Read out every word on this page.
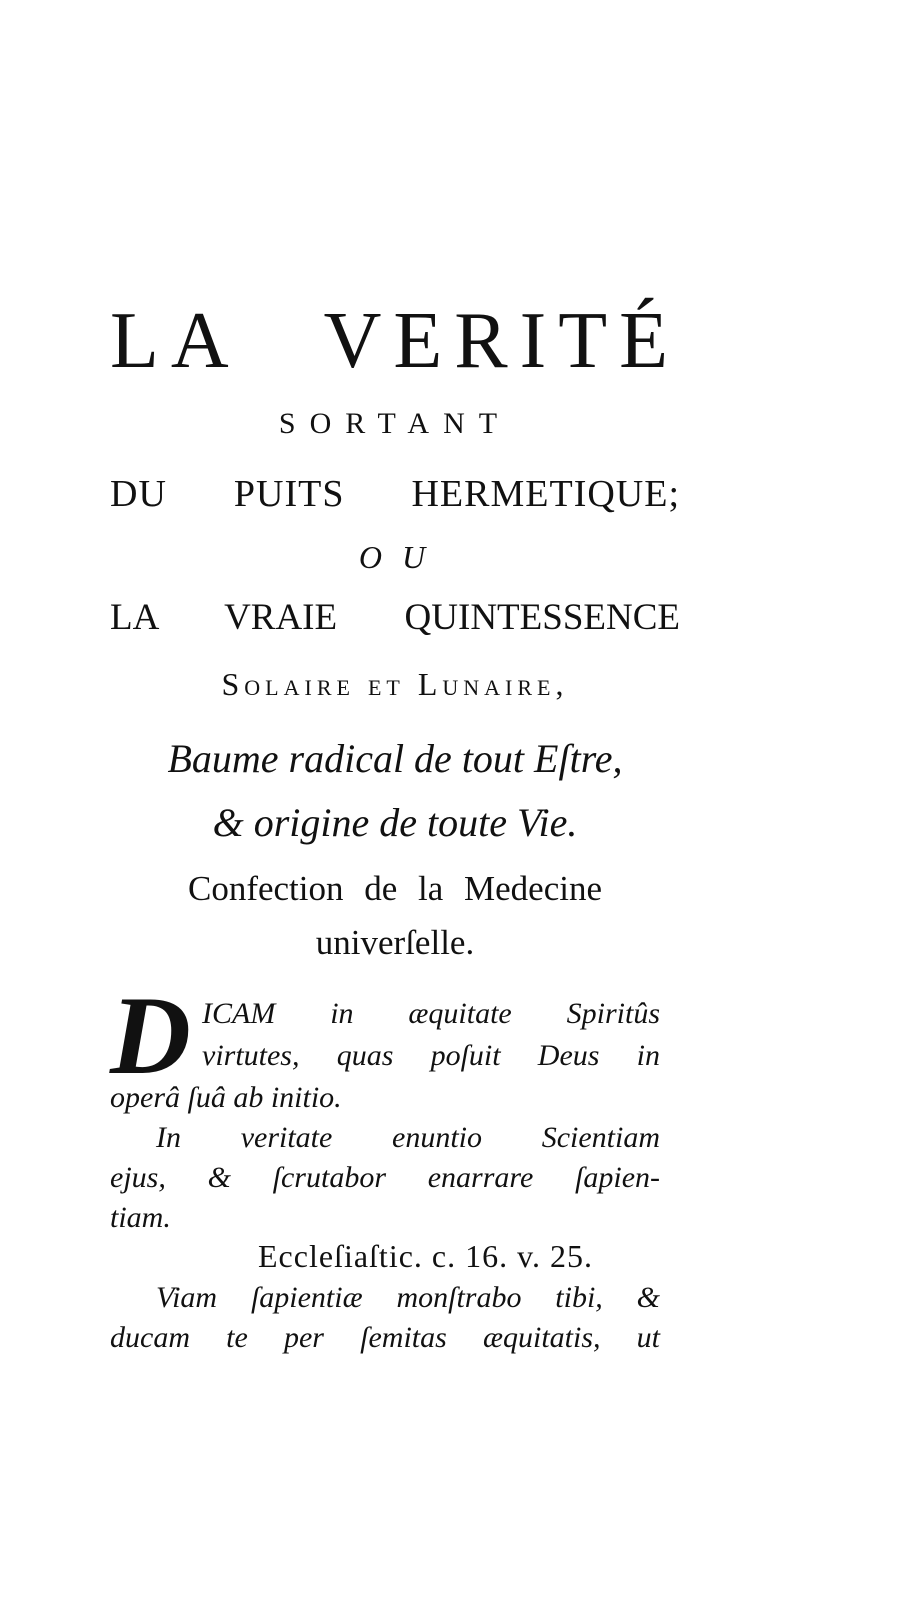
LA VERITÉ

SORTANT

DU PUITS HERMETIQUE;

O U

LA VRAIE QUINTESSENCE

Solaire et Lunaire,

Baume radical de tout Eſtre,

& origine de toute Vie.

Confection de la Medecine

univerſelle.

D ICAM in æquitate Spiritûs

virtutes, quas poſuit Deus in

operâ ſuâ ab initio.

In veritate enuntio Scientiam

ejus, & ſcrutabor enarrare ſapien-

tiam.

Eccleſiaſtic. c. 16. v. 25.

Viam ſapientiæ monſtrabo tibi, &

ducam te per ſemitas æquitatis, ut
